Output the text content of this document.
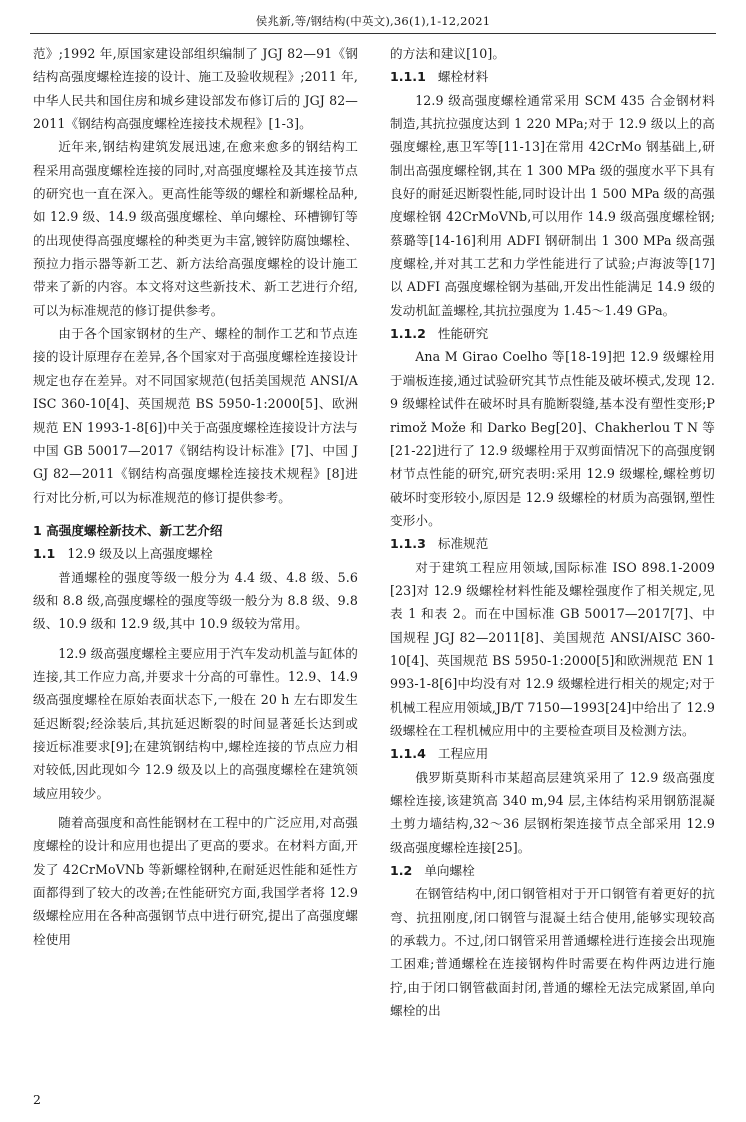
侯兆新,等/钢结构(中英文),36(1),1-12,2021

范》;1992 年,原国家建设部组织编制了 JGJ 82—91《钢结构高强度螺栓连接的设计、施工及验收规程》;2011 年,中华人民共和国住房和城乡建设部发布修订后的 JGJ 82—2011《钢结构高强度螺栓连接技术规程》[1-3]。

近年来,钢结构建筑发展迅速,在愈来愈多的钢结构工程采用高强度螺栓连接的同时,对高强度螺栓及其连接节点的研究也一直在深入。更高性能等级的螺栓和新螺栓品种,如 12.9 级、14.9 级高强度螺栓、单向螺栓、环槽铆钉等的出现使得高强度螺栓的种类更为丰富,镀锌防腐蚀螺栓、预拉力指示器等新工艺、新方法给高强度螺栓的设计施工带来了新的内容。本文将对这些新技术、新工艺进行介绍,可以为标准规范的修订提供参考。

由于各个国家钢材的生产、螺栓的制作工艺和节点连接的设计原理存在差异,各个国家对于高强度螺栓连接设计规定也存在差异。对不同国家规范(包括美国规范 ANSI/AISC 360-10[4]、英国规范 BS 5950-1:2000[5]、欧洲规范 EN 1993-1-8[6])中关于高强度螺栓连接设计方法与中国 GB 50017—2017《钢结构设计标准》[7]、中国 JGJ 82—2011《钢结构高强度螺栓连接技术规程》[8]进行对比分析,可以为标准规范的修订提供参考。

1 高强度螺栓新技术、新工艺介绍

1.1 12.9 级及以上高强度螺栓

普通螺栓的强度等级一般分为 4.4 级、4.8 级、5.6 级和 8.8 级,高强度螺栓的强度等级一般分为 8.8 级、9.8 级、10.9 级和 12.9 级,其中 10.9 级较为常用。

12.9 级高强度螺栓主要应用于汽车发动机盖与缸体的连接,其工作应力高,并要求十分高的可靠性。12.9、14.9 级高强度螺栓在原始表面状态下,一般在 20 h 左右即发生延迟断裂;经涂装后,其抗延迟断裂的时间显著延长达到或接近标准要求[9];在建筑钢结构中,螺栓连接的节点应力相对较低,因此现如今 12.9 级及以上的高强度螺栓在建筑领域应用较少。

随着高强度和高性能钢材在工程中的广泛应用,对高强度螺栓的设计和应用也提出了更高的要求。在材料方面,开发了 42CrMoVNb 等新螺栓钢种,在耐延迟性能和延性方面都得到了较大的改善;在性能研究方面,我国学者将 12.9 级螺栓应用在各种高强钢节点中进行研究,提出了高强度螺栓使用

的方法和建议[10]。

1.1.1 螺栓材料

12.9 级高强度螺栓通常采用 SCM 435 合金钢材料制造,其抗拉强度达到 1 220 MPa;对于 12.9 级以上的高强度螺栓,惠卫军等[11-13]在常用 42CrMo 钢基础上,研制出高强度螺栓钢,其在 1 300 MPa 级的强度水平下具有良好的耐延迟断裂性能,同时设计出 1 500 MPa 级的高强度螺栓钢 42CrMoVNb,可以用作 14.9 级高强度螺栓钢;蔡璐等[14-16]利用 ADFI 钢研制出 1 300 MPa 级高强度螺栓,并对其工艺和力学性能进行了试验;卢海波等[17]以 ADFI 高强度螺栓钢为基础,开发出性能满足 14.9 级的发动机缸盖螺栓,其抗拉强度为 1.45～1.49 GPa。

1.1.2 性能研究

Ana M Girao Coelho 等[18-19]把 12.9 级螺栓用于端板连接,通过试验研究其节点性能及破坏模式,发现 12.9 级螺栓试件在破坏时具有脆断裂缝,基本没有塑性变形;Primož Može 和 Darko Beg[20]、Chakherlou T N 等[21-22]进行了 12.9 级螺栓用于双剪面情况下的高强度钢材节点性能的研究,研究表明:采用 12.9 级螺栓,螺栓剪切破坏时变形较小,原因是 12.9 级螺栓的材质为高强钢,塑性变形小。

1.1.3 标准规范

对于建筑工程应用领域,国际标准 ISO 898.1-2009[23]对 12.9 级螺栓材料性能及螺栓强度作了相关规定,见表 1 和表 2。而在中国标准 GB 50017—2017[7]、中国规程 JGJ 82—2011[8]、美国规范 ANSI/AISC 360-10[4]、英国规范 BS 5950-1:2000[5]和欧洲规范 EN 1993-1-8[6]中均没有对 12.9 级螺栓进行相关的规定;对于机械工程应用领域,JB/T 7150—1993[24]中给出了 12.9 级螺栓在工程机械应用中的主要检查项目及检测方法。

1.1.4 工程应用

俄罗斯莫斯科市某超高层建筑采用了 12.9 级高强度螺栓连接,该建筑高 340 m,94 层,主体结构采用钢筋混凝土剪力墙结构,32～36 层钢桁架连接节点全部采用 12.9 级高强度螺栓连接[25]。

1.2 单向螺栓

在钢管结构中,闭口钢管相对于开口钢管有着更好的抗弯、抗扭刚度,闭口钢管与混凝土结合使用,能够实现较高的承载力。不过,闭口钢管采用普通螺栓进行连接会出现施工困难;普通螺栓在连接钢构件时需要在构件两边进行施拧,由于闭口钢管截面封闭,普通的螺栓无法完成紧固,单向螺栓的出

2
